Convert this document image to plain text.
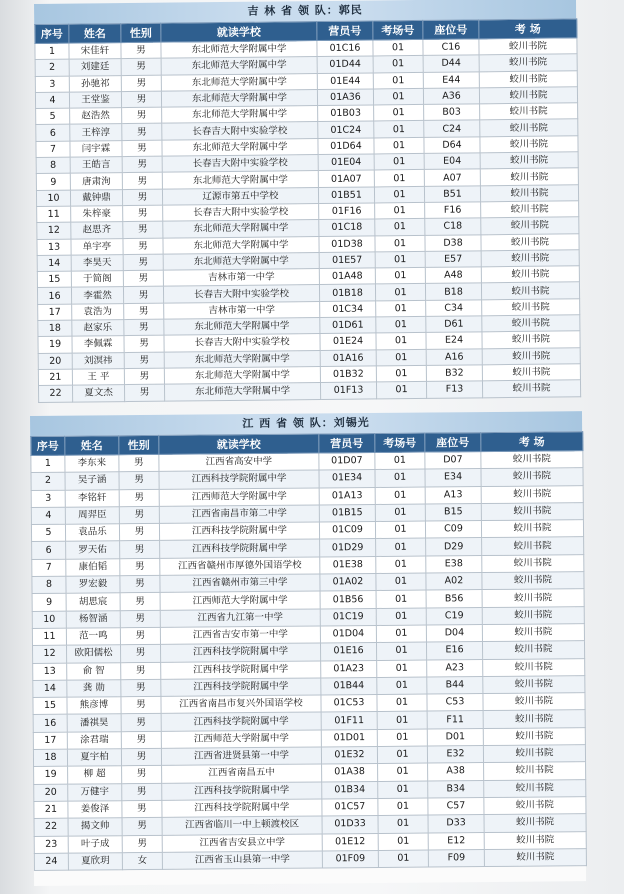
吉 林 省 领 队：郭民
序号	姓名	性别	就读学校	营员号	考场号	座位号	考 场
1	宋佳轩	男	东北师范大学附属中学	01C16	01	C16	蛟川书院
2	刘建廷	男	东北师范大学附属中学	01D44	01	D44	蛟川书院
3	孙驰祁	男	东北师范大学附属中学	01E44	01	E44	蛟川书院
4	王堂鉴	男	东北师范大学附属中学	01A36	01	A36	蛟川书院
5	赵浩然	男	东北师范大学附属中学	01B03	01	B03	蛟川书院
6	王梓淳	男	长春吉大附中实验学校	01C24	01	C24	蛟川书院
7	闫宇霖	男	东北师范大学附属中学	01D64	01	D64	蛟川书院
8	王皓言	男	长春吉大附中实验学校	01E04	01	E04	蛟川书院
9	唐肃洵	男	东北师范大学附属中学	01A07	01	A07	蛟川书院
10	戴钟鼎	男	辽源市第五中学校	01B51	01	B51	蛟川书院
11	朱梓豪	男	长春吉大附中实验学校	01F16	01	F16	蛟川书院
12	赵思齐	男	东北师范大学附属中学	01C18	01	C18	蛟川书院
13	单宇亭	男	东北师范大学附属中学	01D38	01	D38	蛟川书院
14	李昊天	男	东北师范大学附属中学	01E57	01	E57	蛟川书院
15	于简阁	男	吉林市第一中学	01A48	01	A48	蛟川书院
16	李霍然	男	长春吉大附中实验学校	01B18	01	B18	蛟川书院
17	袁浩为	男	吉林市第一中学	01C34	01	C34	蛟川书院
18	赵家乐	男	东北师范大学附属中学	01D61	01	D61	蛟川书院
19	李佩霖	男	长春吉大附中实验学校	01E24	01	E24	蛟川书院
20	刘溟祎	男	东北师范大学附属中学	01A16	01	A16	蛟川书院
21	王 平	男	东北师范大学附属中学	01B32	01	B32	蛟川书院
22	夏文杰	男	东北师范大学附属中学	01F13	01	F13	蛟川书院
江 西 省 领 队：刘锡光
序号	姓名	性别	就读学校	营员号	考场号	座位号	考 场
1	李东来	男	江西省高安中学	01D07	01	D07	蛟川书院
2	吴子涵	男	江西科技学院附属中学	01E34	01	E34	蛟川书院
3	李铭轩	男	江西师范大学附属中学	01A13	01	A13	蛟川书院
4	周羿臣	男	江西省南昌市第二中学	01B15	01	B15	蛟川书院
5	袁品乐	男	江西科技学院附属中学	01C09	01	C09	蛟川书院
6	罗天佑	男	江西科技学院附属中学	01D29	01	D29	蛟川书院
7	康伯韬	男	江西省赣州市厚德外国语学校	01E38	01	E38	蛟川书院
8	罗宏毅	男	江西省赣州市第三中学	01A02	01	A02	蛟川书院
9	胡思宸	男	江西师范大学附属中学	01B56	01	B56	蛟川书院
10	杨智涵	男	江西省九江第一中学	01C19	01	C19	蛟川书院
11	范一鸣	男	江西省吉安市第一中学	01D04	01	D04	蛟川书院
12	欧阳儒松	男	江西科技学院附属中学	01E16	01	E16	蛟川书院
13	俞 智	男	江西科技学院附属中学	01A23	01	A23	蛟川书院
14	龚 勋	男	江西科技学院附属中学	01B44	01	B44	蛟川书院
15	熊彦博	男	江西省南昌市复兴外国语学校	01C53	01	C53	蛟川书院
16	潘祺昊	男	江西科技学院附属中学	01F11	01	F11	蛟川书院
17	涂君瑞	男	江西师范大学附属中学	01D01	01	D01	蛟川书院
18	夏宇柏	男	江西省进贤县第一中学	01E32	01	E32	蛟川书院
19	柳 超	男	江西省南昌五中	01A38	01	A38	蛟川书院
20	万健宇	男	江西科技学院附属中学	01B34	01	B34	蛟川书院
21	姜俊泽	男	江西科技学院附属中学	01C57	01	C57	蛟川书院
22	揭文帅	男	江西省临川一中上顿渡校区	01D33	01	D33	蛟川书院
23	叶子成	男	江西省吉安县立中学	01E12	01	E12	蛟川书院
24	夏欣玥	女	江西省玉山县第一中学	01F09	01	F09	蛟川书院
